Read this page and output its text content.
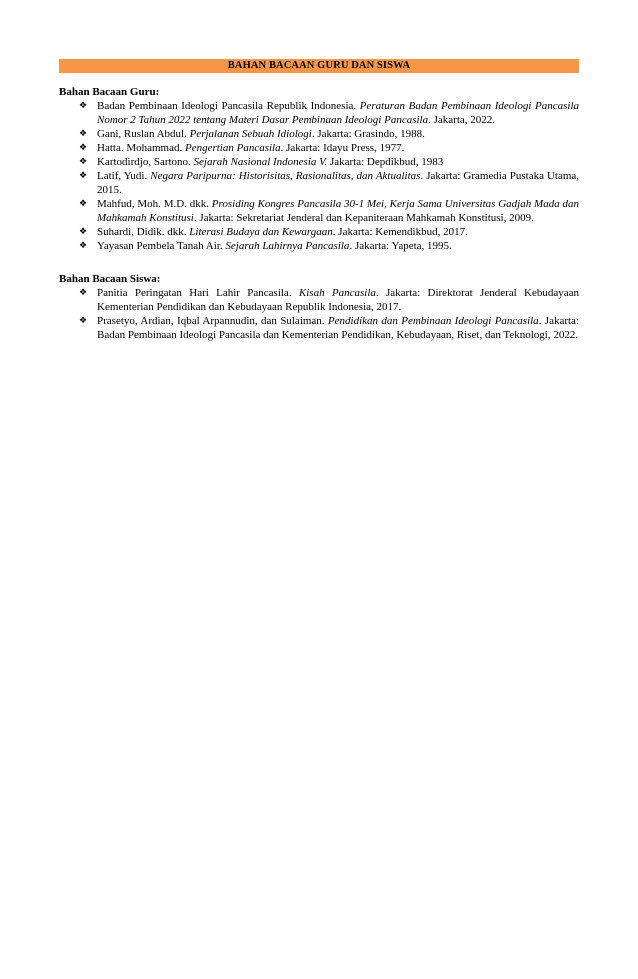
BAHAN BACAAN GURU DAN SISWA
Bahan Bacaan Guru:
❖ Badan Pembinaan Ideologi Pancasila Republik Indonesia. Peraturan Badan Pembinaan Ideologi Pancasila Nomor 2 Tahun 2022 tentang Materi Dasar Pembinaan Ideologi Pancasila. Jakarta, 2022.
❖ Gani, Ruslan Abdul. Perjalanan Sebuah Idiologi. Jakarta: Grasindo, 1988.
❖ Hatta. Mohammad. Pengertian Pancasila. Jakarta: Idayu Press, 1977.
❖ Kartodirdjo, Sartono. Sejarah Nasional Indonesia V. Jakarta: Depdikbud, 1983
❖ Latif, Yudi. Negara Paripurna: Historisitas, Rasionalitas, dan Aktualitas. Jakarta: Gramedia Pustaka Utama, 2015.
❖ Mahfud, Moh. M.D. dkk. Prosiding Kongres Pancasila 30-1 Mei, Kerja Sama Universitas Gadjah Mada dan Mahkamah Konstitusi. Jakarta: Sekretariat Jenderal dan Kepaniteraan Mahkamah Konstitusi, 2009.
❖ Suhardi, Didik. dkk. Literasi Budaya dan Kewargaan. Jakarta: Kemendikbud, 2017.
❖ Yayasan Pembela Tanah Air. Sejarah Lahirnya Pancasila. Jakarta: Yapeta, 1995.
Bahan Bacaan Siswa:
❖ Panitia Peringatan Hari Lahir Pancasila. Kisah Pancasila. Jakarta: Direktorat Jenderal Kebudayaan Kementerian Pendidikan dan Kebudayaan Republik Indonesia, 2017.
❖ Prasetyo, Ardian, Iqbal Arpannudin, dan Sulaiman. Pendidikan dan Pembinaan Ideologi Pancasila. Jakarta: Badan Pembinaan Ideologi Pancasila dan Kementerian Pendidikan, Kebudayaan, Riset, dan Teknologi, 2022.
